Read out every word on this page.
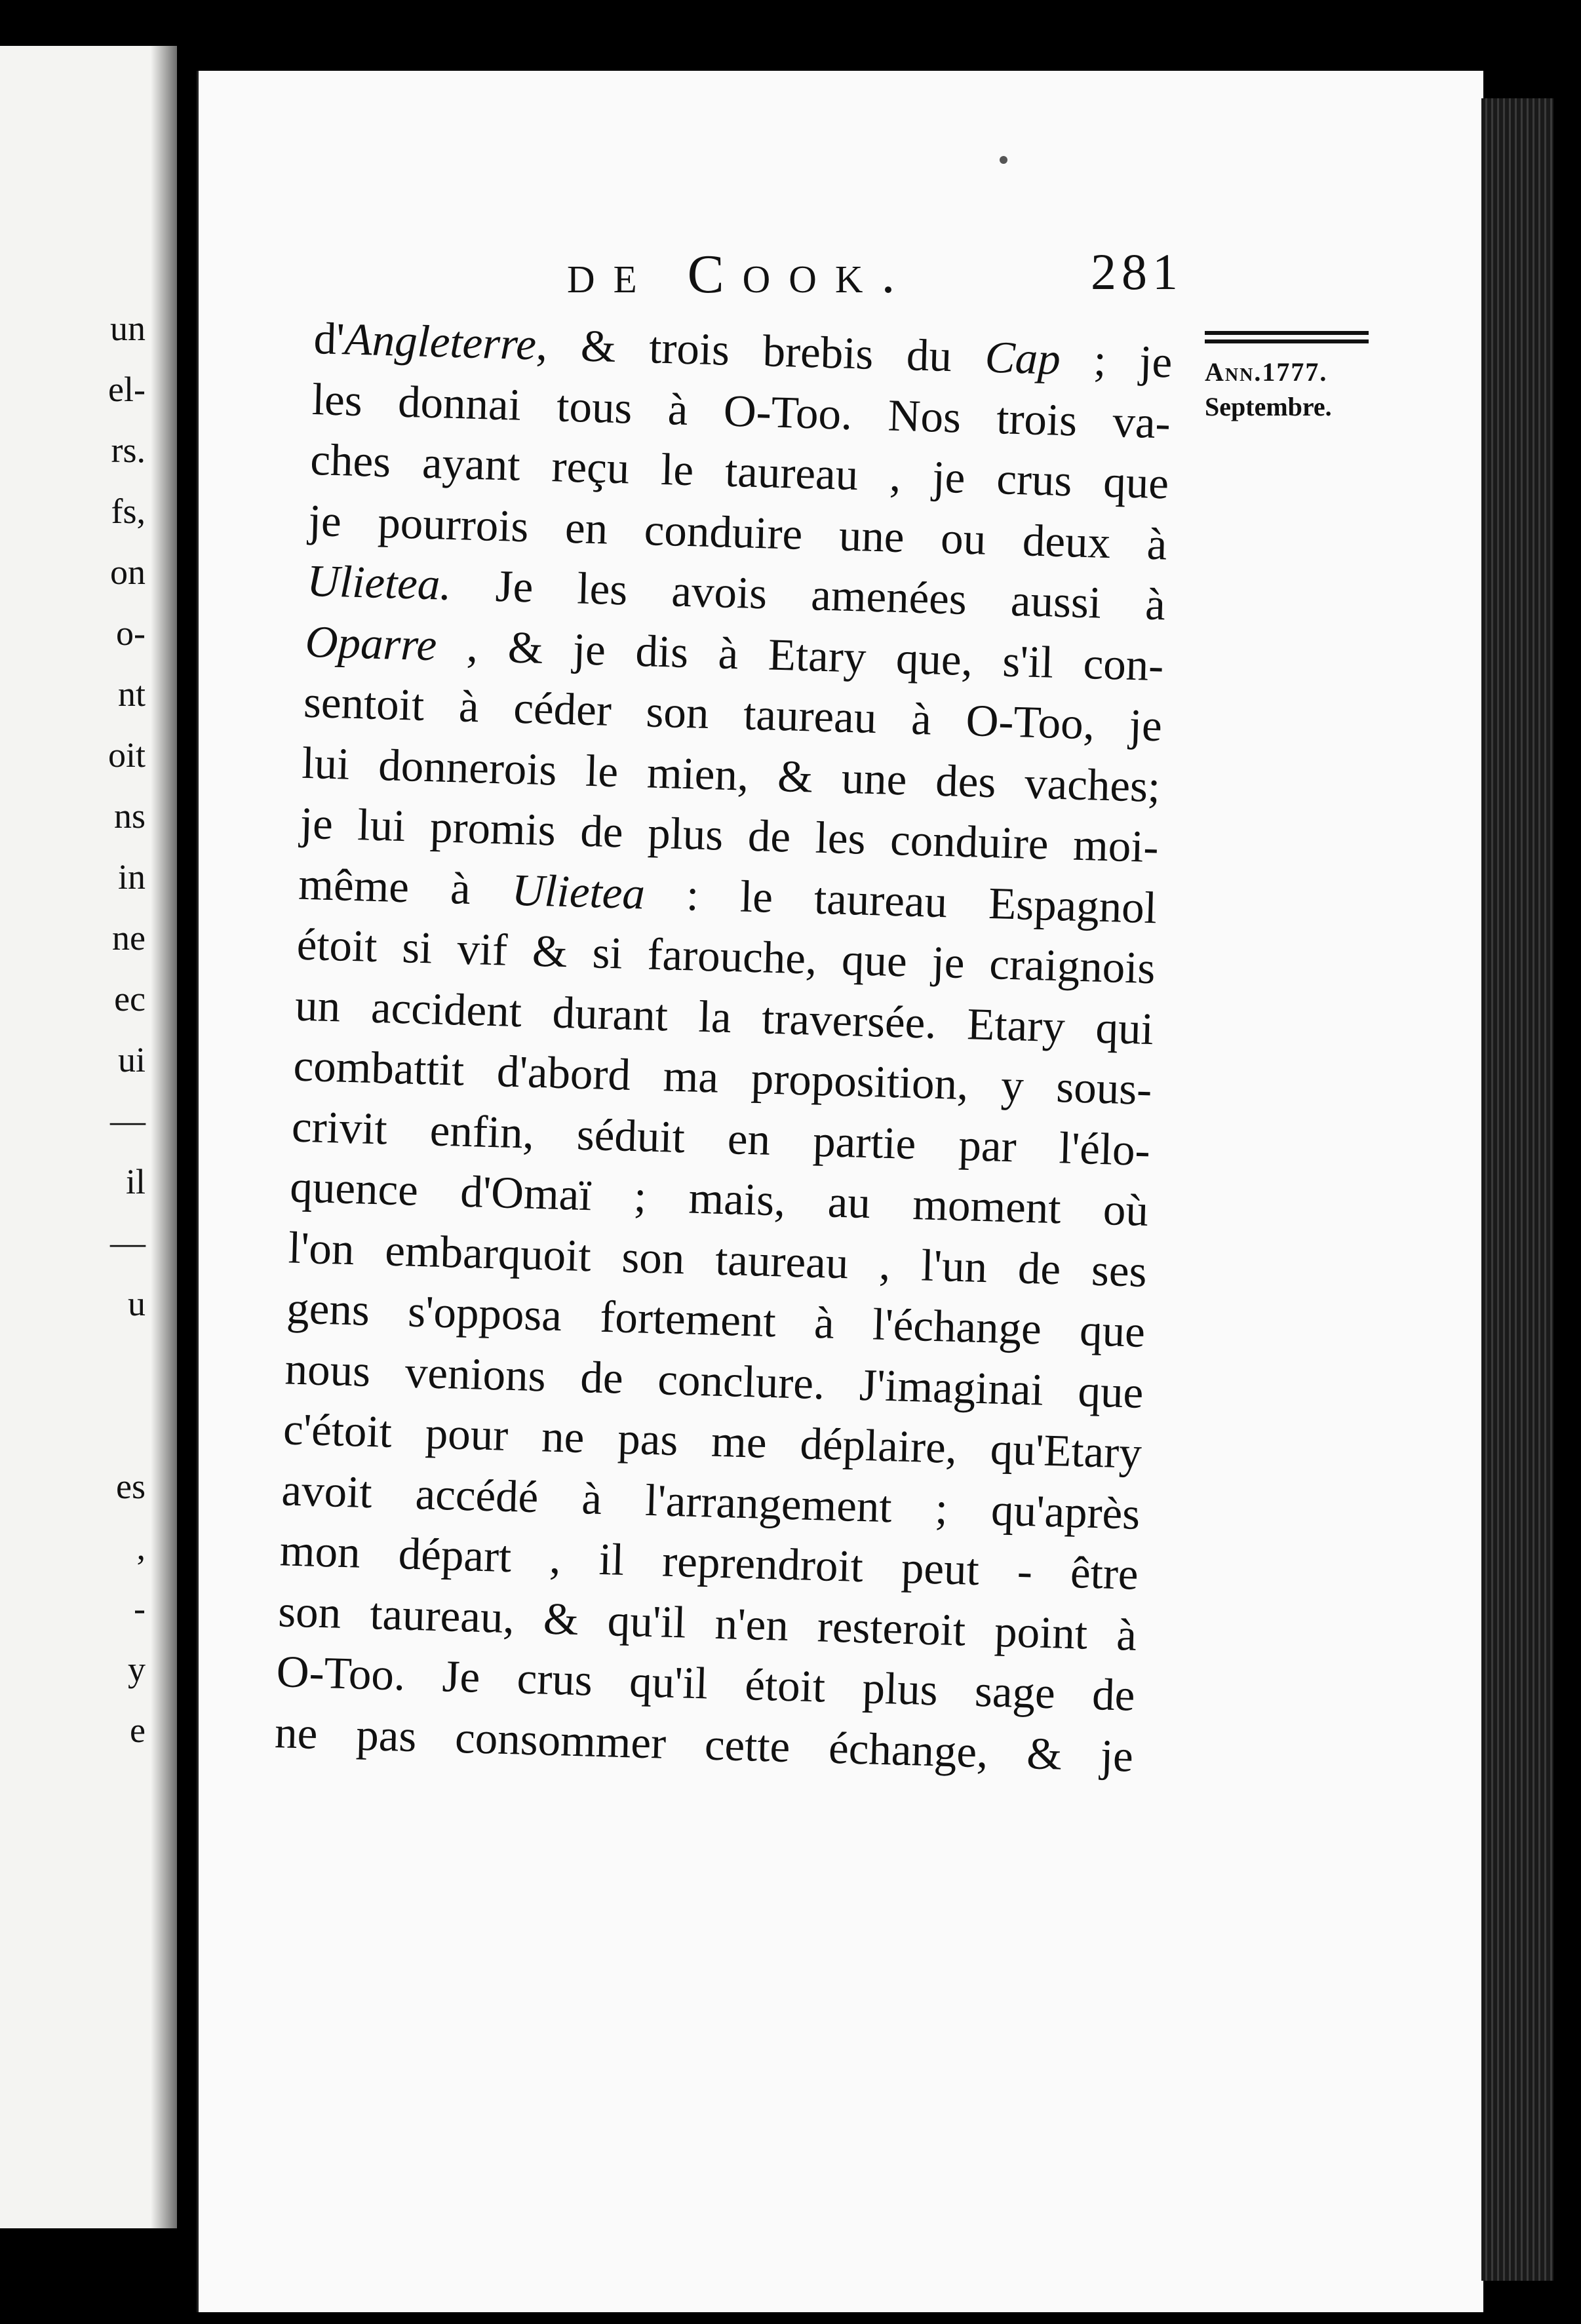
un
el-
rs.
fs,
on
o-
nt
oit
ns
in
ne
ec
ui
—
il
—
u
es
,
-
y
e
de Cook.	281
d'Angleterre, & trois brebis du Cap ; je
les donnai tous à O-Too. Nos trois va-
ches ayant reçu le taureau , je crus que
je pourrois en conduire une ou deux à
Ulietea. Je les avois amenées aussi à
Oparre , & je dis à Etary que, s'il con-
sentoit à céder son taureau à O-Too, je
lui donnerois le mien, & une des vaches;
je lui promis de plus de les conduire moi-
même à Ulietea : le taureau Espagnol
étoit si vif & si farouche, que je craignois
un accident durant la traversée. Etary qui
combattit d'abord ma proposition, y sous-
crivit enfin, séduit en partie par l'élo-
quence d'Omaï ; mais, au moment où
l'on embarquoit son taureau , l'un de ses
gens s'opposa fortement à l'échange que
nous venions de conclure. J'imaginai que
c'étoit pour ne pas me déplaire, qu'Etary
avoit accédé à l'arrangement ; qu'après
mon départ , il reprendroit peut - être
son taureau, & qu'il n'en resteroit point à
O-Too. Je crus qu'il étoit plus sage de
ne pas consommer cette échange, & je
Ann.1777.
Septembre.
